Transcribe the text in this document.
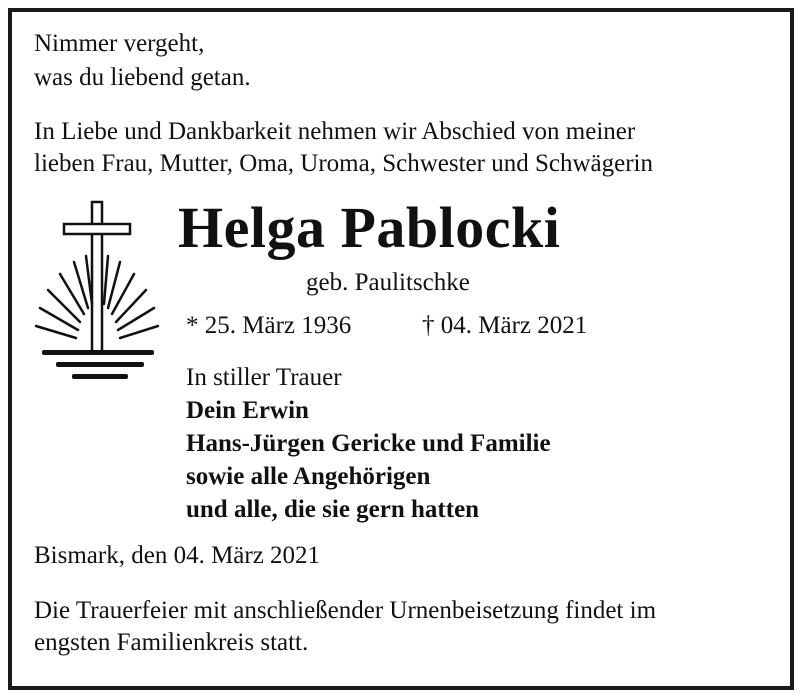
Nimmer vergeht,
was du liebend getan.
In Liebe und Dankbarkeit nehmen wir Abschied von meiner
lieben Frau, Mutter, Oma, Uroma, Schwester und Schwägerin
Helga Pablocki
geb. Paulitschke
* 25. März 1936	† 04. März 2021
In stiller Trauer
Dein Erwin
Hans-Jürgen Gericke und Familie
sowie alle Angehörigen
und alle, die sie gern hatten
Bismark, den 04. März 2021
Die Trauerfeier mit anschließender Urnenbeisetzung findet im
engsten Familienkreis statt.
